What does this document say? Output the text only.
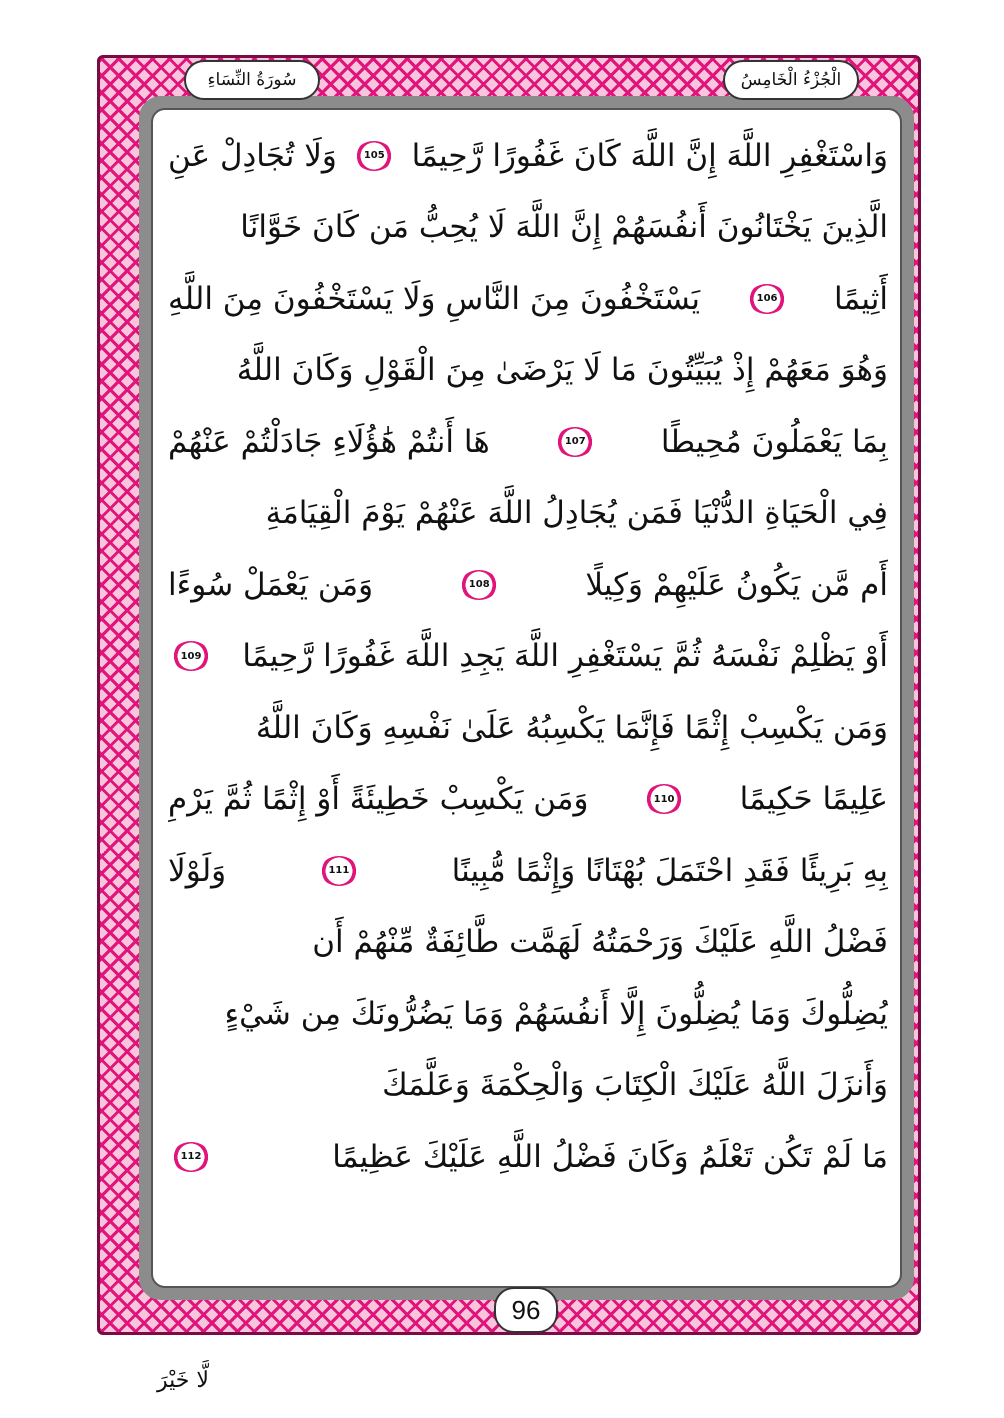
سُورَةُ النِّسَاءِ	الْجُزْءُ الْخَامِسُ
وَاسْتَغْفِرِ اللَّهَ إِنَّ اللَّهَ كَانَ غَفُورًا رَّحِيمًا
105
وَلَا تُجَادِلْ عَنِ
الَّذِينَ يَخْتَانُونَ أَنفُسَهُمْ إِنَّ اللَّهَ لَا يُحِبُّ مَن كَانَ خَوَّانًا
أَثِيمًا
106
يَسْتَخْفُونَ مِنَ النَّاسِ وَلَا يَسْتَخْفُونَ مِنَ اللَّهِ
وَهُوَ مَعَهُمْ إِذْ يُبَيِّتُونَ مَا لَا يَرْضَىٰ مِنَ الْقَوْلِ وَكَانَ اللَّهُ
بِمَا يَعْمَلُونَ مُحِيطًا
107
هَا أَنتُمْ هَٰؤُلَاءِ جَادَلْتُمْ عَنْهُمْ
فِي الْحَيَاةِ الدُّنْيَا فَمَن يُجَادِلُ اللَّهَ عَنْهُمْ يَوْمَ الْقِيَامَةِ
أَم مَّن يَكُونُ عَلَيْهِمْ وَكِيلًا
108
وَمَن يَعْمَلْ سُوءًا
أَوْ يَظْلِمْ نَفْسَهُ ثُمَّ يَسْتَغْفِرِ اللَّهَ يَجِدِ اللَّهَ غَفُورًا رَّحِيمًا
109
وَمَن يَكْسِبْ إِثْمًا فَإِنَّمَا يَكْسِبُهُ عَلَىٰ نَفْسِهِ وَكَانَ اللَّهُ
عَلِيمًا حَكِيمًا
110
وَمَن يَكْسِبْ خَطِيئَةً أَوْ إِثْمًا ثُمَّ يَرْمِ
بِهِ بَرِيئًا فَقَدِ احْتَمَلَ بُهْتَانًا وَإِثْمًا مُّبِينًا
111
وَلَوْلَا
فَضْلُ اللَّهِ عَلَيْكَ وَرَحْمَتُهُ لَهَمَّت طَّائِفَةٌ مِّنْهُمْ أَن
يُضِلُّوكَ وَمَا يُضِلُّونَ إِلَّا أَنفُسَهُمْ وَمَا يَضُرُّونَكَ مِن شَيْءٍ
وَأَنزَلَ اللَّهُ عَلَيْكَ الْكِتَابَ وَالْحِكْمَةَ وَعَلَّمَكَ
مَا لَمْ تَكُن تَعْلَمُ وَكَانَ فَضْلُ اللَّهِ عَلَيْكَ عَظِيمًا
112
96
لَّا خَيْرَ
